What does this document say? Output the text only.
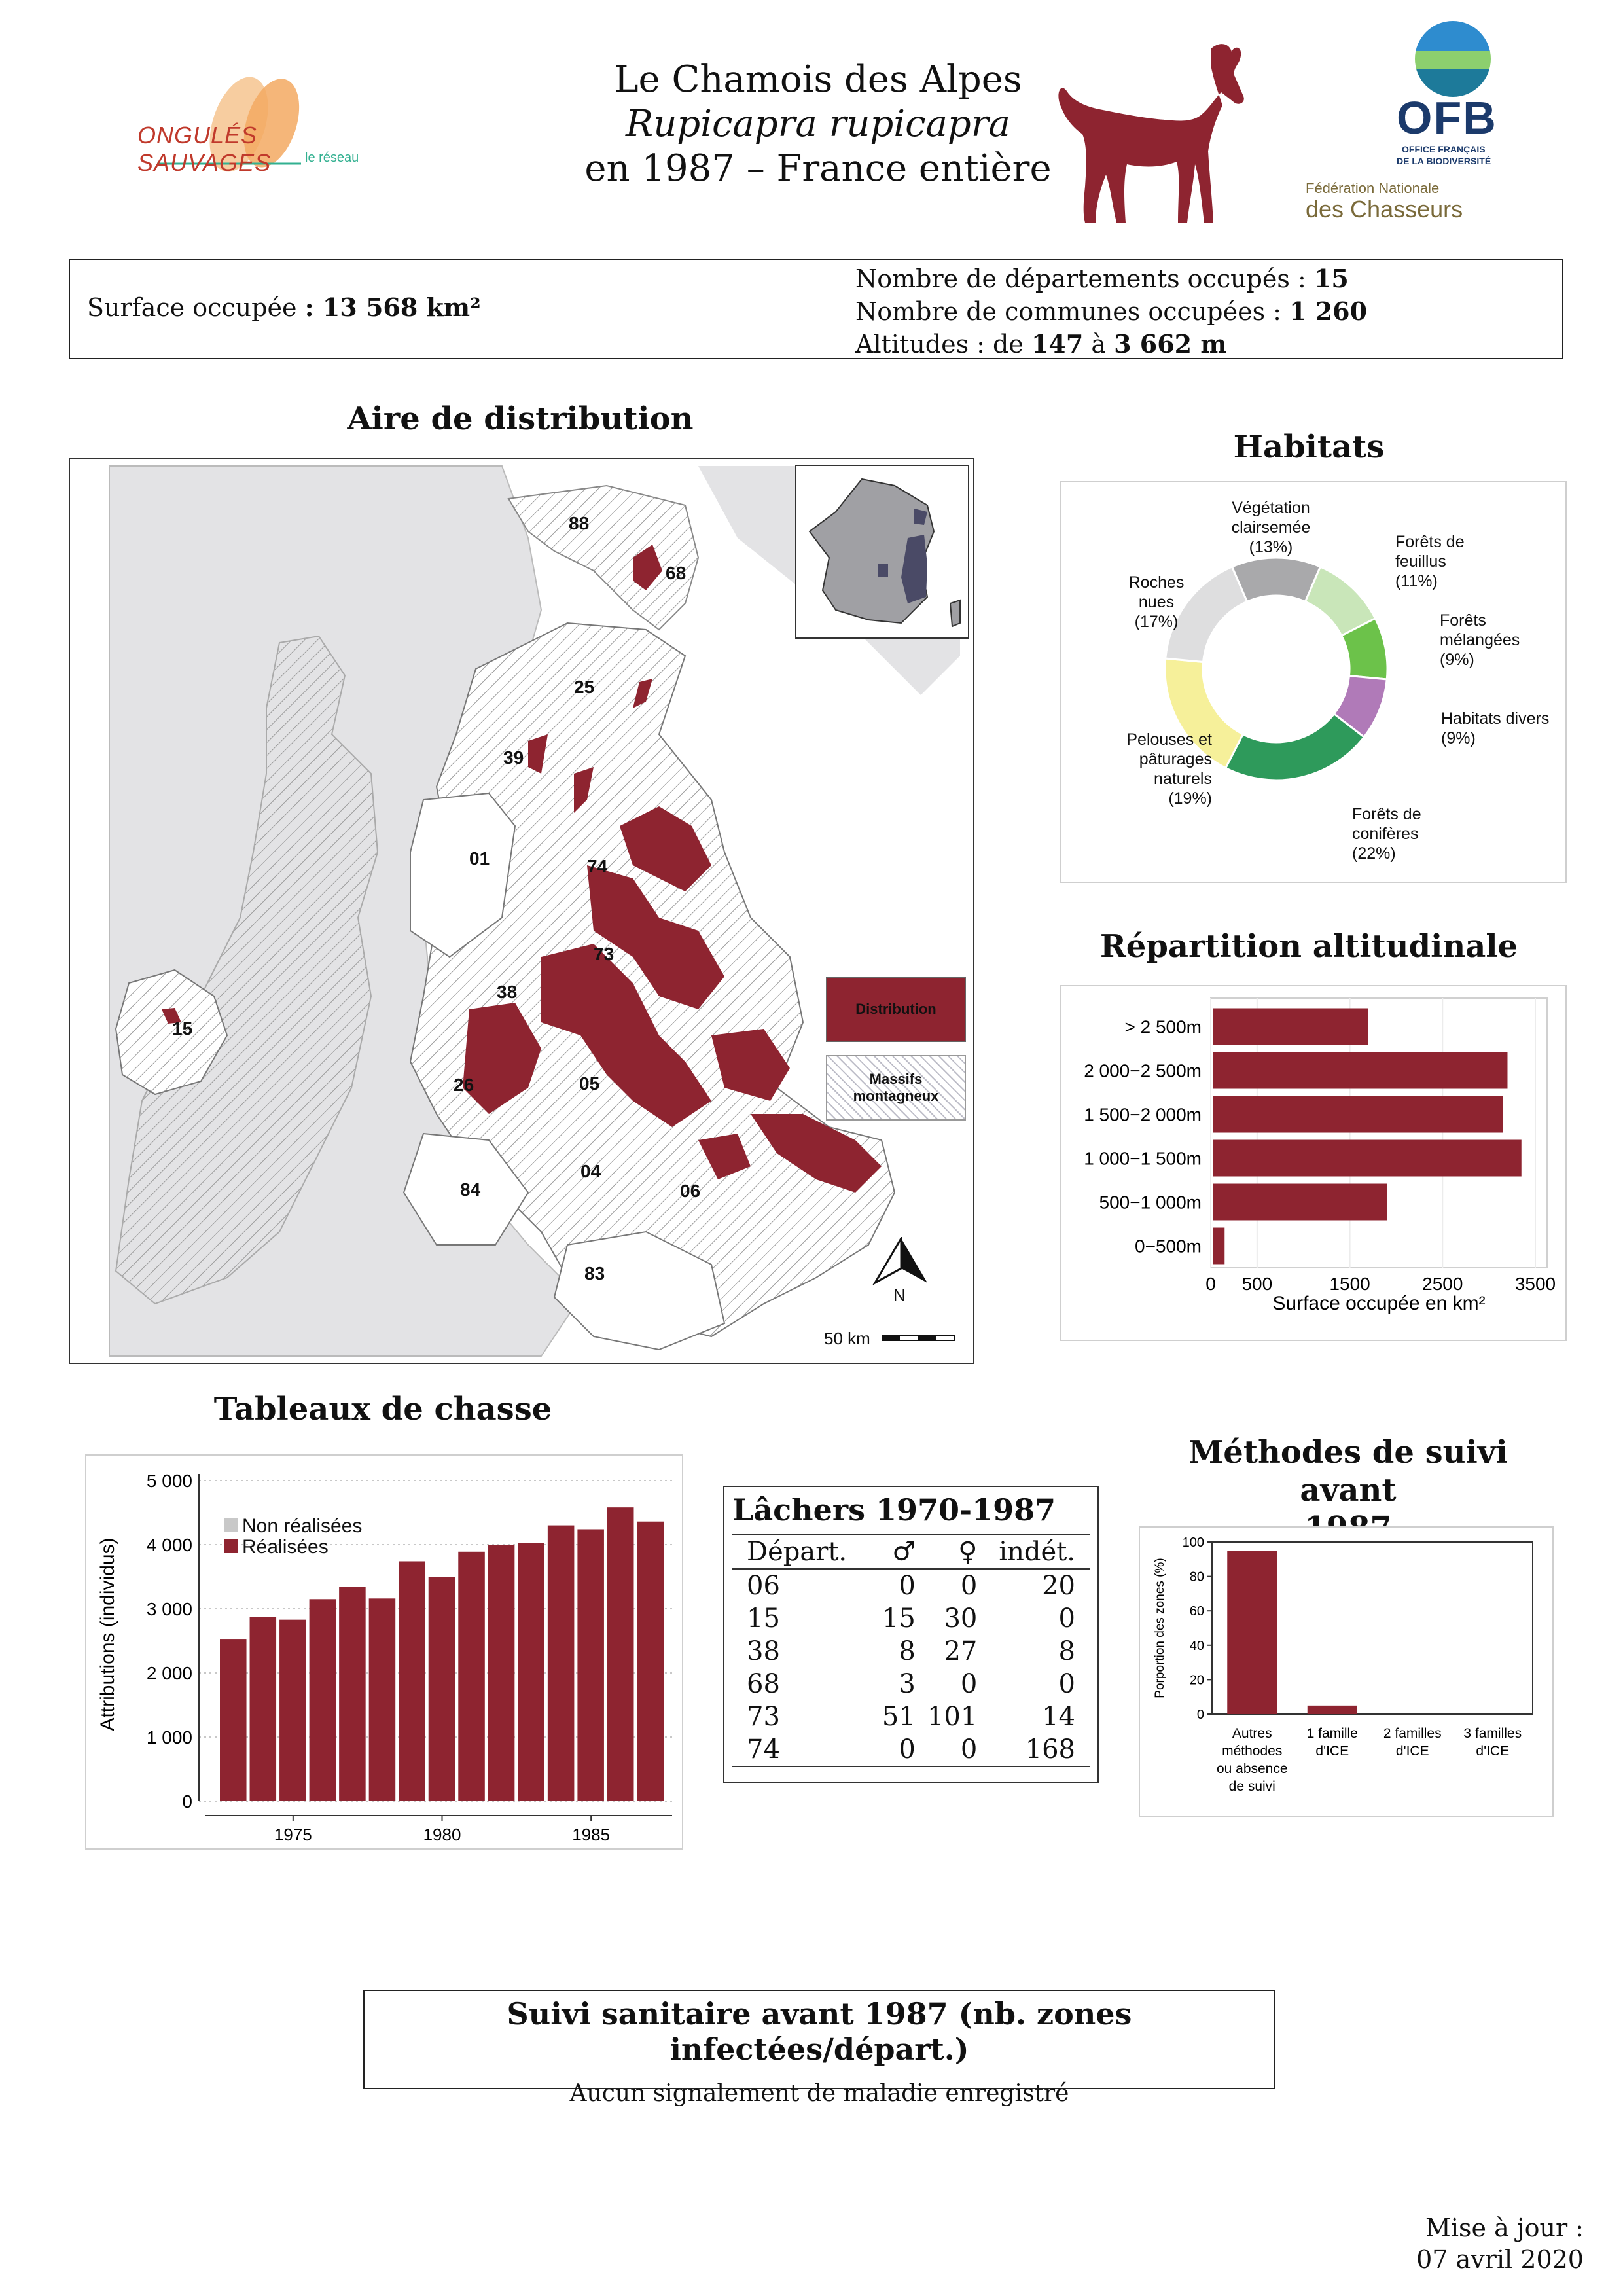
ONGULÉS SAUVAGES	le réseau
Le Chamois des Alpes
Rupicapra rupicapra
en 1987 – France entière
OFB
OFFICE FRANÇAIS
DE LA BIODIVERSITÉ
Fédération Nationale
des Chasseurs
Surface occupée : 13 568 km²
Nombre de départements occupés : 15
Nombre de communes occupées : 1 260
Altitudes : de 147 à 3 662 m
Aire de distribution
88
68
25
39
01	74
73
38
15
26	05
84
04
06
83
Distribution
Massifs
montagneux
N
50 km
Habitats
Végétation
clairsemée
(13%)	Forêts de
feuillus
(11%)
Forêts
mélangées
(9%)
Habitats divers
(9%)
Forêts de
conifères
(22%)
Pelouses et
pâturages
naturels
(19%)
Roches
nues
(17%)
Répartition altitudinale
0 500	1500	2500	3500
> 2 500m
2 000−2 500m
1 500−2 000m
1 000−1 500m
500−1 000m
0−500m
Surface occupée en km²
Tableaux de chasse
0
1 000
2 000
3 000
4 000
5 000
1975	1980	1985
Attributions (individus)
Non réalisées
Réalisées
Lâchers 1970-1987
Départ.	♂	♀	indét.
06	0	0	20
15	15	30	0
38	8	27	8
68	3	0	0
73	51	101	14
74	0	0	168
Méthodes de suivi avant
0
20
40
60
80
100
Autres
méthodes
ou absence
de suivi
1 famille
d'ICE
2 familles
d'ICE
3 familles
d'ICE
Porportion des zones (%)
Suivi sanitaire avant 1987 (nb. zones infectées/départ.)
Aucun signalement de maladie enregistré
Mise à jour :
07 avril 2020
